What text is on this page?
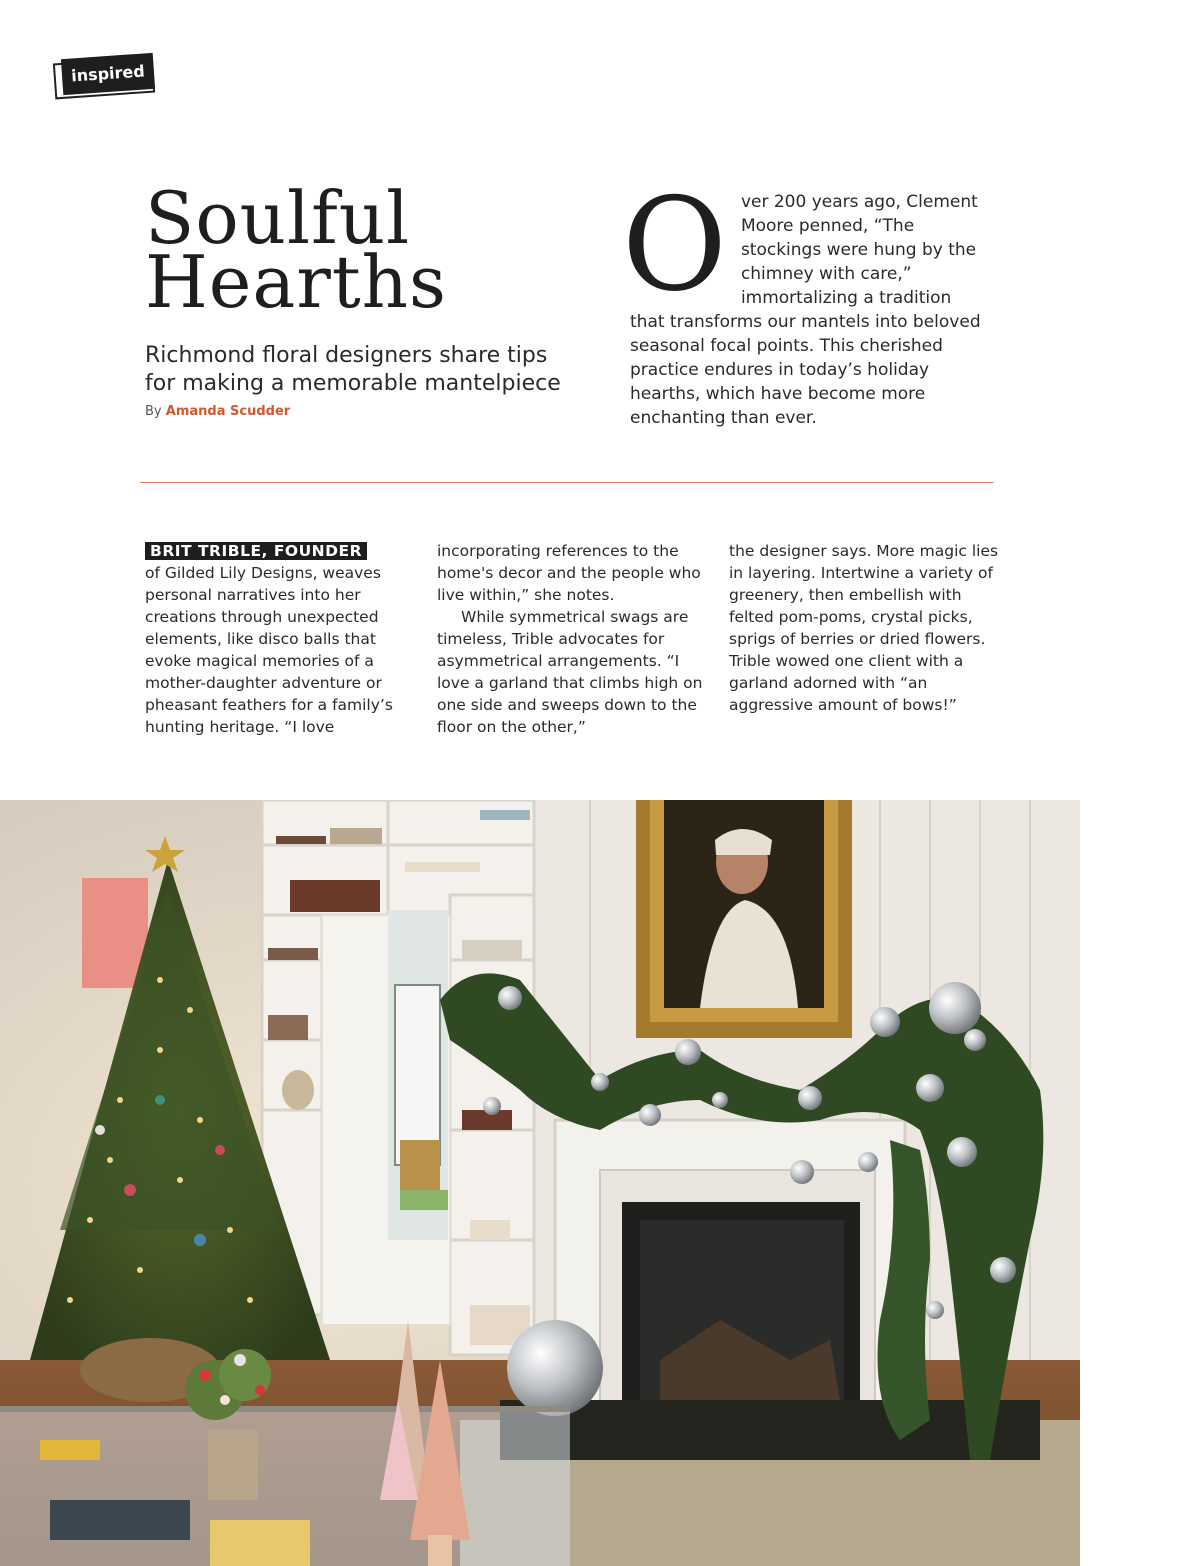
inspired
Soulful
Hearths
Richmond floral designers share tips for making a memorable mantelpiece By Amanda Scudder
O ver 200 years ago, Clement Moore penned, “The stockings were hung by the chimney with care,” immortalizing a tradition that transforms our mantels into beloved seasonal focal points. This cherished practice endures in today’s holiday hearths, which have become more enchanting than ever.

BRIT TRIBLE, FOUNDER
of Gilded Lily Designs, weaves personal narratives into her creations through unexpected elements, like disco balls that evoke magical memories of a mother-daughter adventure or pheasant feathers for a family’s hunting heritage. “I love

incorporating references to the home's decor and the people who live within,” she notes.

While symmetrical swags are timeless, Trible advocates for asymmetrical arrangements. “I love a garland that climbs high on one side and sweeps down to the floor on the other,”

the designer says. More magic lies in layering. Intertwine a variety of greenery, then embellish with felted pom-poms, crystal picks, sprigs of berries or dried flowers. Trible wowed one client with a garland adorned with “an aggressive amount of bows!”
